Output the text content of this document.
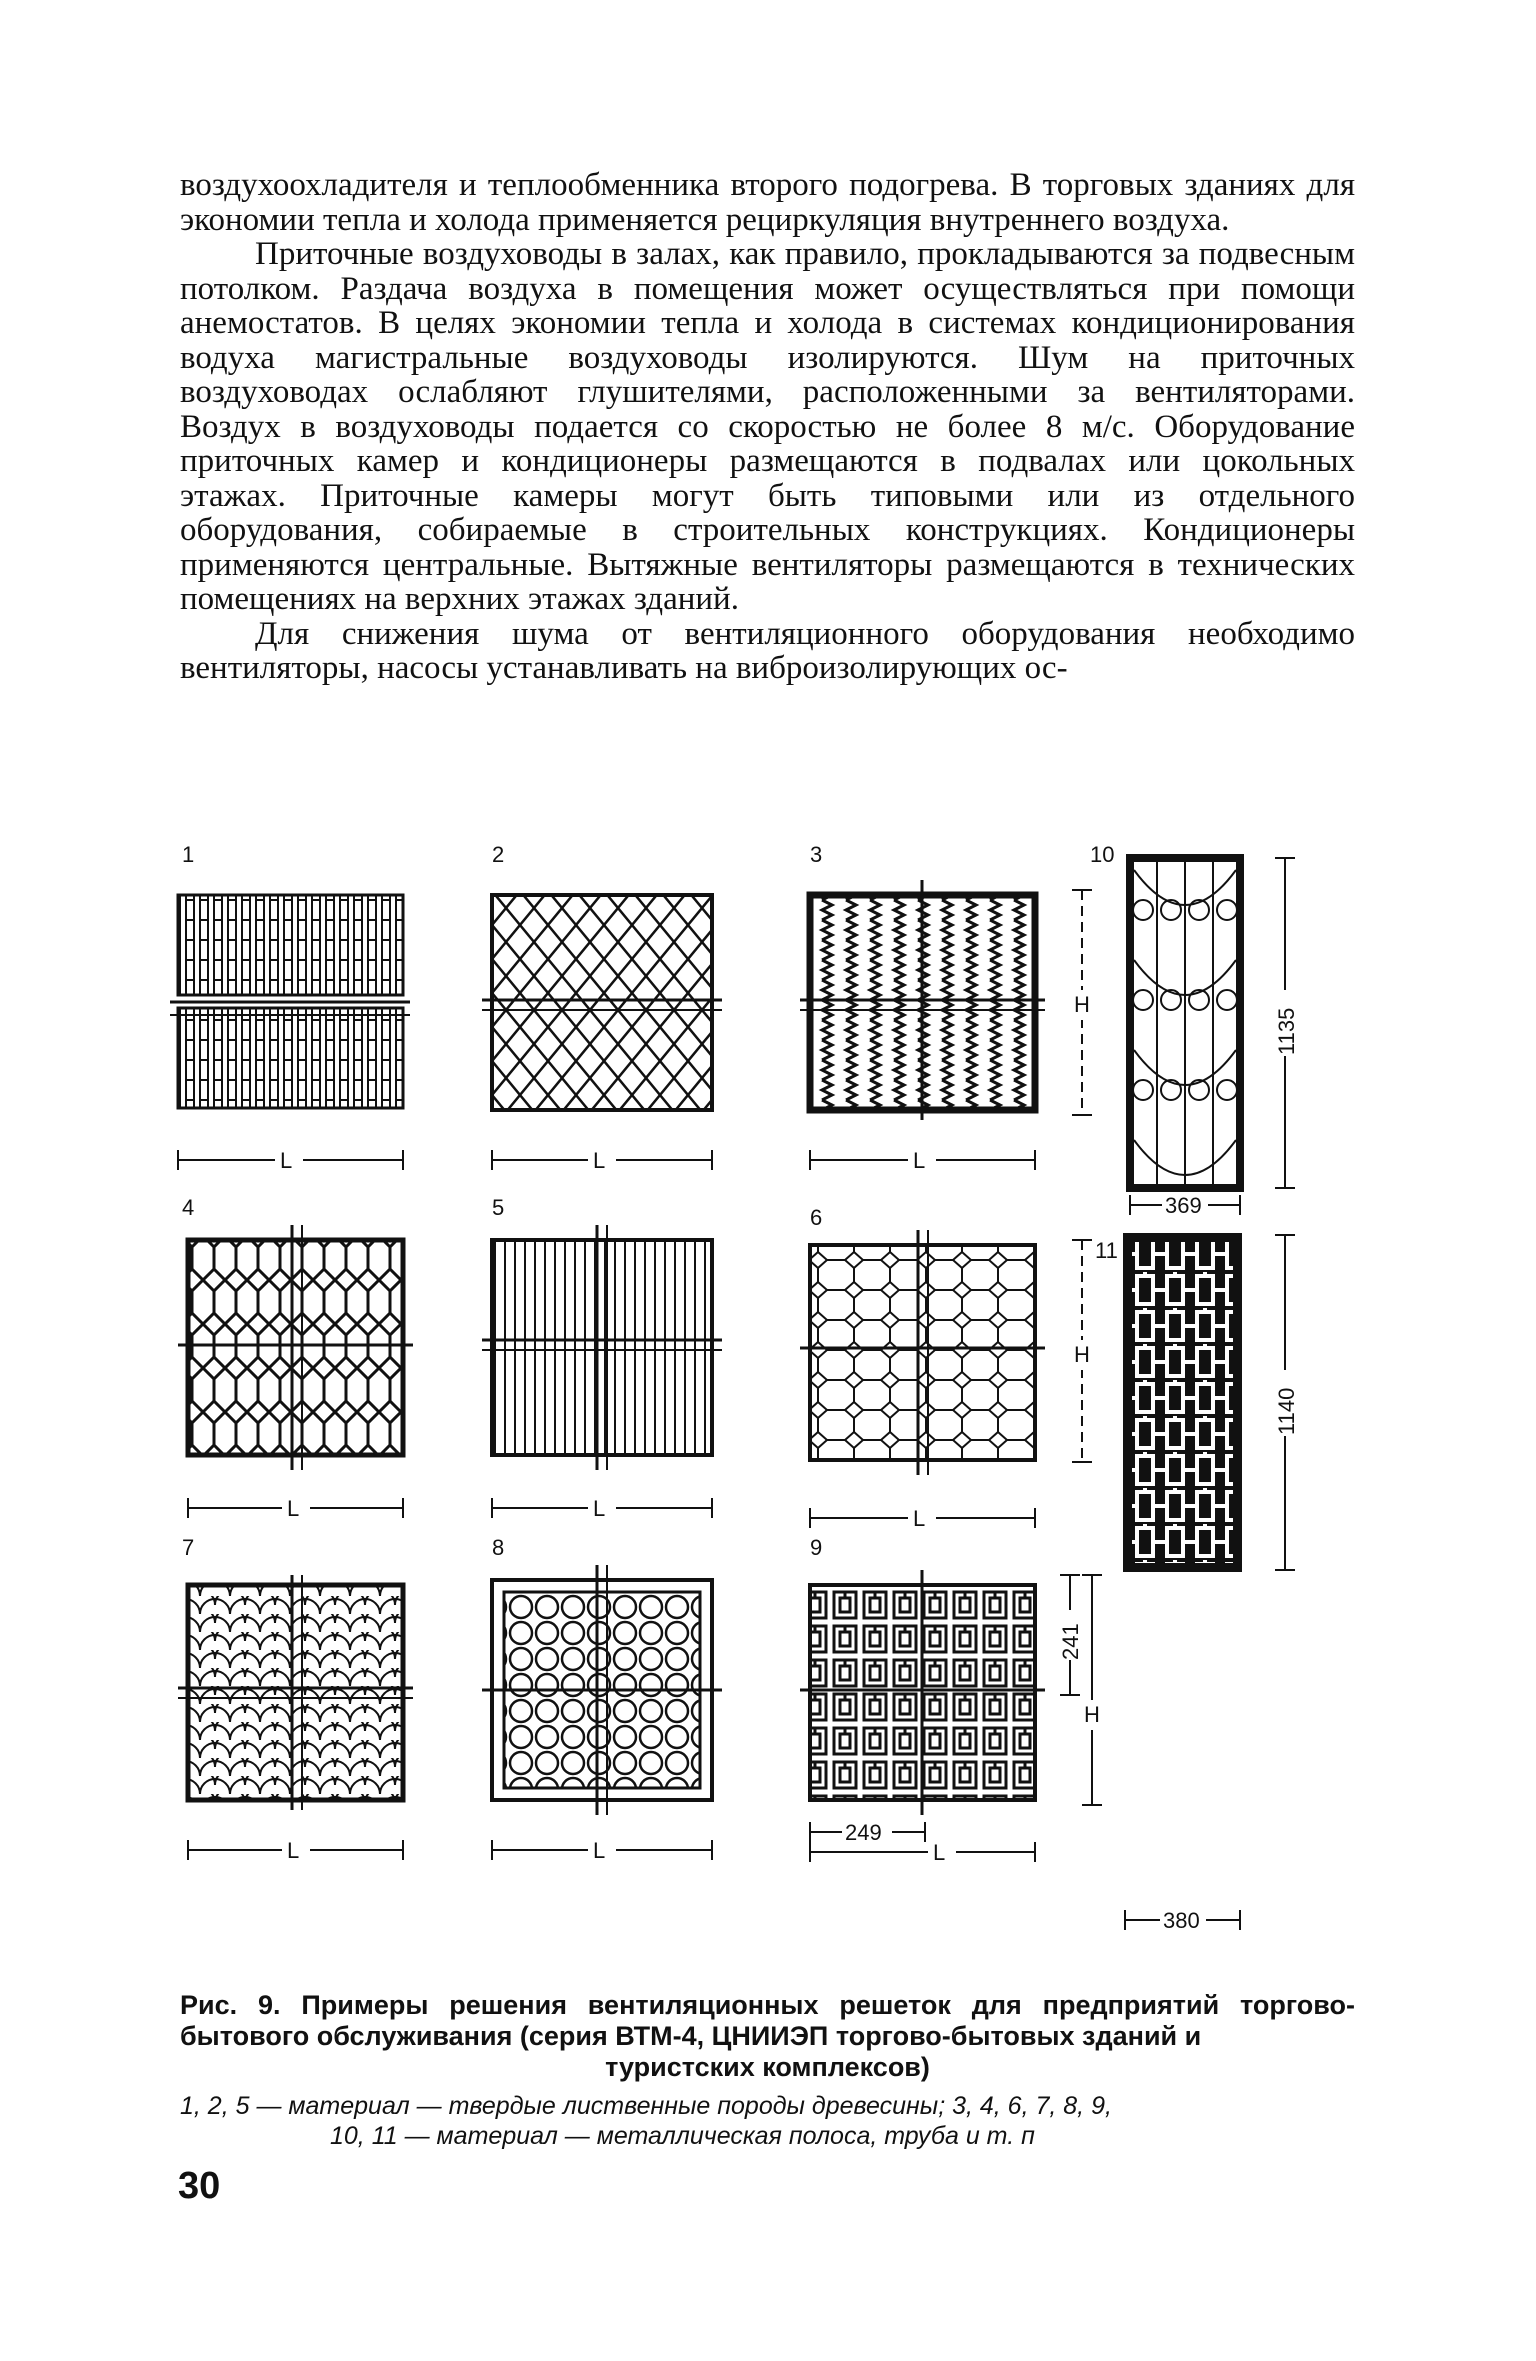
воздухоохладителя и теплообменника второго подогрева. В торговых зданиях для экономии тепла и холода применяется рециркуляция внутреннего воздуха.

Приточные воздуховоды в залах, как правило, прокладываются за подвесным потолком. Раздача воздуха в помещения может осуществляться при помощи анемостатов. В целях экономии тепла и холода в системах кондиционирования водуха магистральные воздуховоды изолируются. Шум на приточных воздуховодах ослабляют глушителями, расположенными за вентиляторами. Воздух в воздуховоды подается со скоростью не более 8 м/с. Оборудование приточных камер и кондиционеры размещаются в подвалах или цокольных этажах. Приточные камеры могут быть типовыми или из отдельного оборудования, собираемые в строительных конструкциях. Кондиционеры применяются центральные. Вытяжные вентиляторы размещаются в технических помещениях на верхних этажах зданий.

Для снижения шума от вентиляционного оборудования необходимо вентиляторы, насосы устанавливать на виброизолирующих ос-

1
L
2
L
3
L
H
4
L
5
L
6
L
H
7
L
8
L
9
249
L
241
H
10
1135
369
11
1140
380
Рис. 9. Примеры решения вентиляционных решеток для предприятий торгово-бытового обслуживания (серия ВТМ-4, ЦНИИЭП торгово-бытовых зданий и
туристских комплексов)
1, 2, 5 — материал — твердые лиственные породы древесины; 3, 4, 6, 7, 8, 9,
10, 11 — материал — металлическая полоса, труба и т. п
30
